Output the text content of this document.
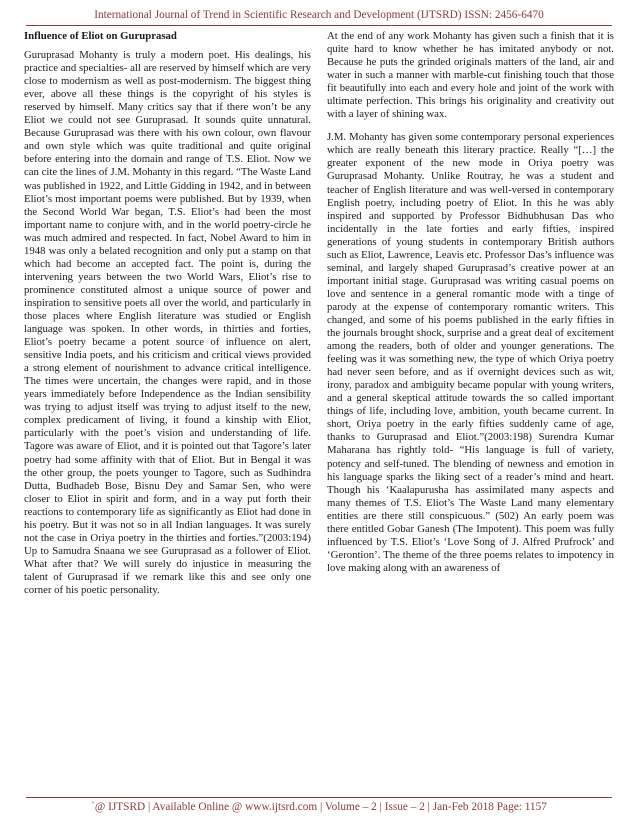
International Journal of Trend in Scientific Research and Development (IJTSRD) ISSN: 2456-6470
Influence of Eliot on Guruprasad

Guruprasad Mohanty is truly a modern poet. His dealings, his practice and specialties- all are reserved by himself which are very close to modernism as well as post-modernism. The biggest thing ever, above all these things is the copyright of his styles is reserved by himself. Many critics say that if there won’t be any Eliot we could not see Guruprasad. It sounds quite unnatural. Because Guruprasad was there with his own colour, own flavour and own style which was quite traditional and quite original before entering into the domain and range of T.S. Eliot. Now we can cite the lines of J.M. Mohanty in this regard. “The Waste Land was published in 1922, and Little Gidding in 1942, and in between Eliot’s most important poems were published. But by 1939, when the Second World War began, T.S. Eliot’s had been the most important name to conjure with, and in the world poetry-circle he was much admired and respected. In fact, Nobel Award to him in 1948 was only a belated recognition and only put a stamp on that which had become an accepted fact. The point is, during the intervening years between the two World Wars, Eliot’s rise to prominence constituted almost a unique source of power and inspiration to sensitive poets all over the world, and particularly in those places where English literature was studied or English language was spoken. In other words, in thirties and forties, Eliot’s poetry became a potent source of influence on alert, sensitive India poets, and his criticism and critical views provided a strong element of nourishment to advance critical intelligence. The times were uncertain, the changes were rapid, and in those years immediately before Independence as the Indian sensibility was trying to adjust itself was trying to adjust itself to the new, complex predicament of living, it found a kinship with Eliot, particularly with the poet’s vision and understanding of life. Tagore was aware of Eliot, and it is pointed out that Tagore’s later poetry had some affinity with that of Eliot. But in Bengal it was the other group, the poets younger to Tagore, such as Sudhindra Dutta, Budhadeb Bose, Bisnu Dey and Samar Sen, who were closer to Eliot in spirit and form, and in a way put forth their reactions to contemporary life as significantly as Eliot had done in his poetry. But it was not so in all Indian languages. It was surely not the case in Oriya poetry in the thirties and forties.”(2003:194) Up to Samudra Snaana we see Guruprasad as a follower of Eliot. What after that? We will surely do injustice in measuring the talent of Guruprasad if we remark like this and see only one corner of his poetic personality.

At the end of any work Mohanty has given such a finish that it is quite hard to know whether he has imitated anybody or not. Because he puts the grinded originals matters of the land, air and water in such a manner with marble-cut finishing touch that those fit beautifully into each and every hole and joint of the work with ultimate perfection. This brings his originality and creativity out with a layer of shining wax.

J.M. Mohanty has given some contemporary personal experiences which are really beneath this literary practice. Really “[…] the greater exponent of the new mode in Oriya poetry was Guruprasad Mohanty. Unlike Routray, he was a student and teacher of English literature and was well-versed in contemporary English poetry, including poetry of Eliot. In this he was ably inspired and supported by Professor Bidhubhusan Das who incidentally in the late forties and early fifties, inspired generations of young students in contemporary British authors such as Eliot, Lawrence, Leavis etc. Professor Das’s influence was seminal, and largely shaped Guruprasad’s creative power at an important initial stage. Guruprasad was writing casual poems on love and sentence in a general romantic mode with a tinge of parody at the expense of contemporary romantic writers. This changed, and some of his poems published in the early fifties in the journals brought shock, surprise and a great deal of excitement among the readers, both of older and younger generations. The feeling was it was something new, the type of which Oriya poetry had never seen before, and as if overnight devices such as wit, irony, paradox and ambiguity became popular with young writers, and a general skeptical attitude towards the so called important things of life, including love, ambition, youth became current. In short, Oriya poetry in the early fifties suddenly came of age, thanks to Guruprasad and Eliot.”(2003:198) Surendra Kumar Maharana has rightly told- “His language is full of variety, potency and self-tuned. The blending of newness and emotion in his language sparks the liking sect of a reader’s mind and heart. Though his ‘Kaalapurusha has assimilated many aspects and many themes of T.S. Eliot’s The Waste Land many elementary entities are there still conspicuous.” (502) An early poem was there entitled Gobar Ganesh (The Impotent). This poem was fully influenced by T.S. Eliot’s ‘Love Song of J. Alfred Prufrock’ and ‘Gerontion’. The theme of the three poems relates to impotency in love making along with an awareness of

`@ IJTSRD | Available Online @ www.ijtsrd.com | Volume – 2 | Issue – 2 | Jan-Feb 2018 Page: 1157
